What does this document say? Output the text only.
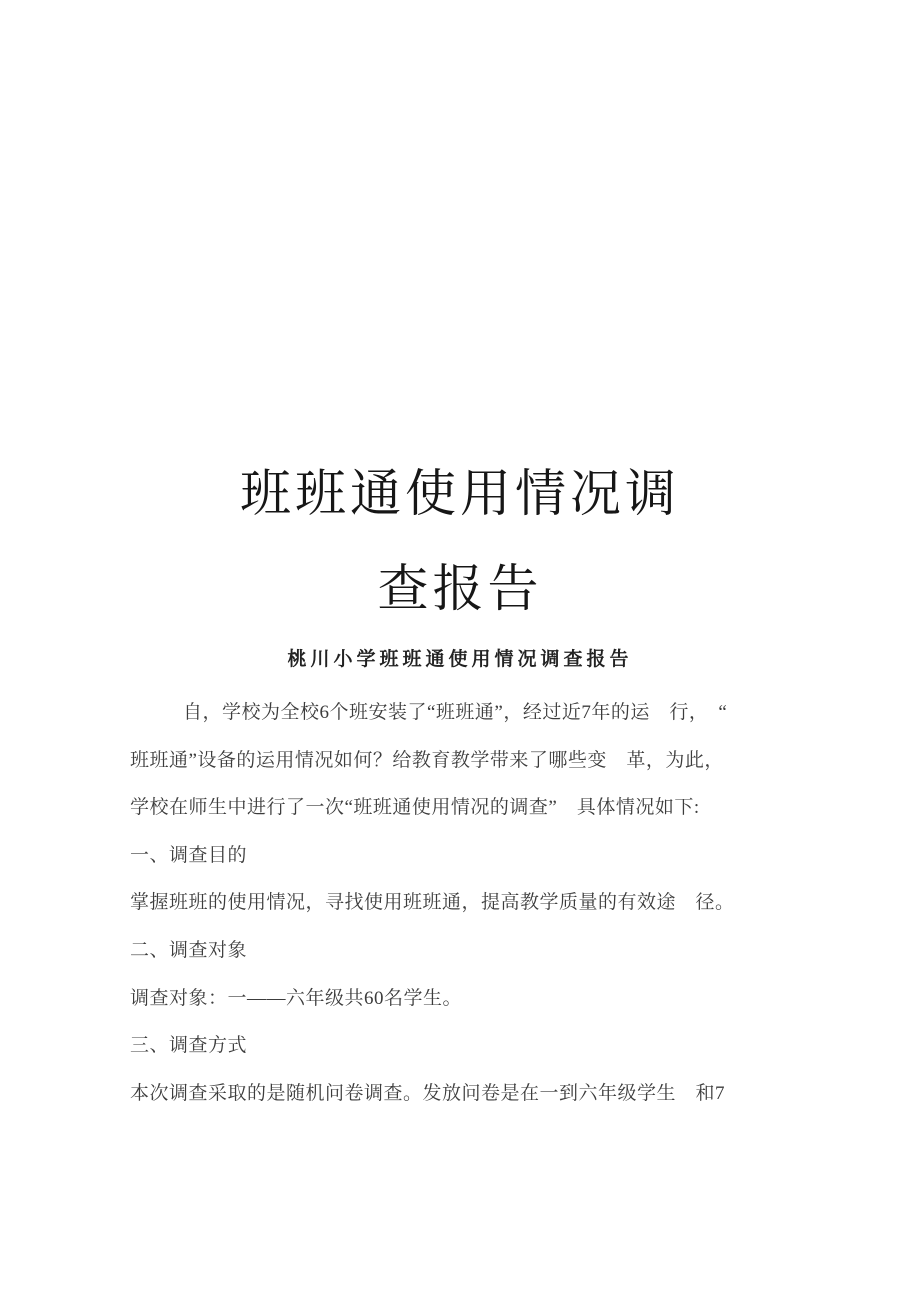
班班通使用情况调
查报告
桃川小学班班通使用情况调查报告
自，学校为全校6个班安装了“班班通”，经过近7年的运　行，　“
班班通”设备的运用情况如何？给教育教学带来了哪些变　革，为此，
学校在师生中进行了一次“班班通使用情况的调查”　具体情况如下:
一、调查目的
掌握班班的使用情况，寻找使用班班通，提高教学质量的有效途　径。
二、调查对象
调查对象：一——六年级共60名学生。
三、调查方式
本次调查采取的是随机问卷调查。发放问卷是在一到六年级学生　和7
